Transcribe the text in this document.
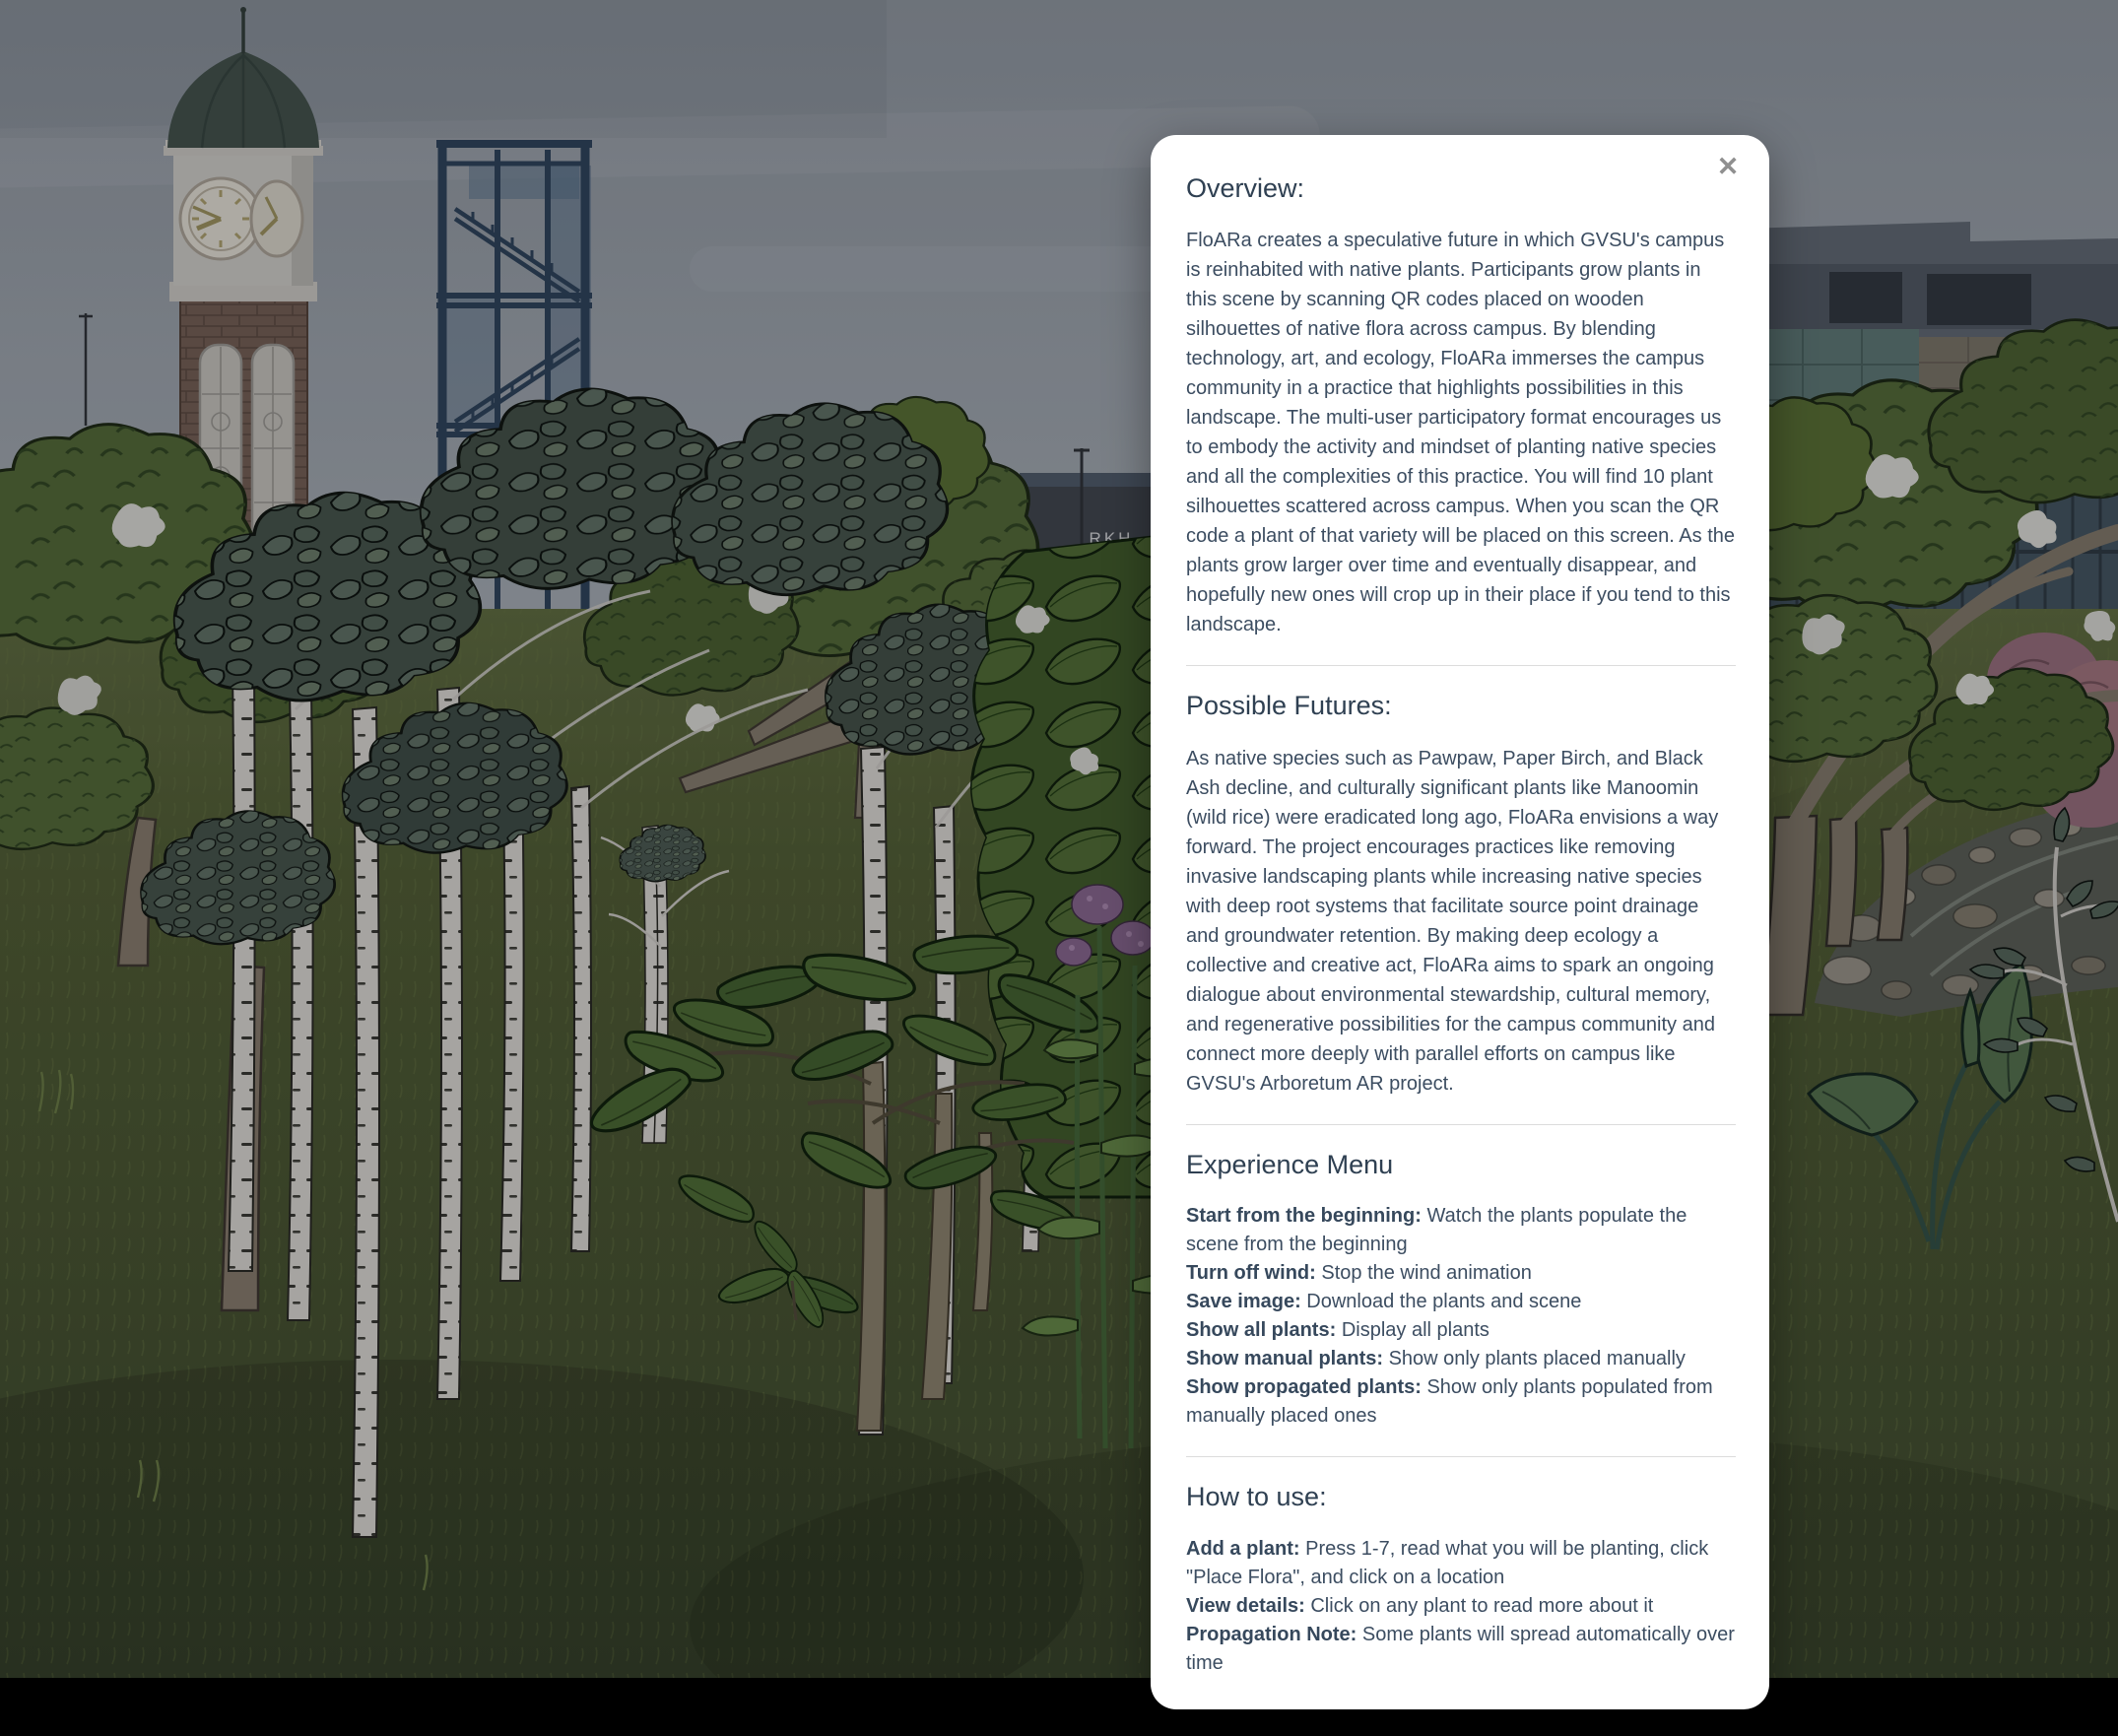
✕
Overview:

FloARa creates a speculative future in which GVSU's campus is reinhabited with native plants. Participants grow plants in this scene by scanning QR codes placed on wooden silhouettes of native flora across campus. By blending technology, art, and ecology, FloARa immerses the campus community in a practice that highlights possibilities in this landscape. The multi-user participatory format encourages us to embody the activity and mindset of planting native species and all the complexities of this practice. You will find 10 plant silhouettes scattered across campus. When you scan the QR code a plant of that variety will be placed on this screen. As the plants grow larger over time and eventually disappear, and hopefully new ones will crop up in their place if you tend to this landscape.

Possible Futures:

As native species such as Pawpaw, Paper Birch, and Black Ash decline, and culturally significant plants like Manoomin (wild rice) were eradicated long ago, FloARa envisions a way forward. The project encourages practices like removing invasive landscaping plants while increasing native species with deep root systems that facilitate source point drainage and groundwater retention. By making deep ecology a collective and creative act, FloARa aims to spark an ongoing dialogue about environmental stewardship, cultural memory, and regenerative possibilities for the campus community and connect more deeply with parallel efforts on campus like GVSU's Arboretum AR project.

Experience Menu
Start from the beginning: Watch the plants populate the scene from the beginning
Turn off wind: Stop the wind animation
Save image: Download the plants and scene
Show all plants: Display all plants
Show manual plants: Show only plants placed manually
Show propagated plants: Show only plants populated from manually placed ones
How to use:
Add a plant: Press 1-7, read what you will be planting, click "Place Flora", and click on a location
View details: Click on any plant to read more about it
Propagation Note: Some plants will spread automatically over time
